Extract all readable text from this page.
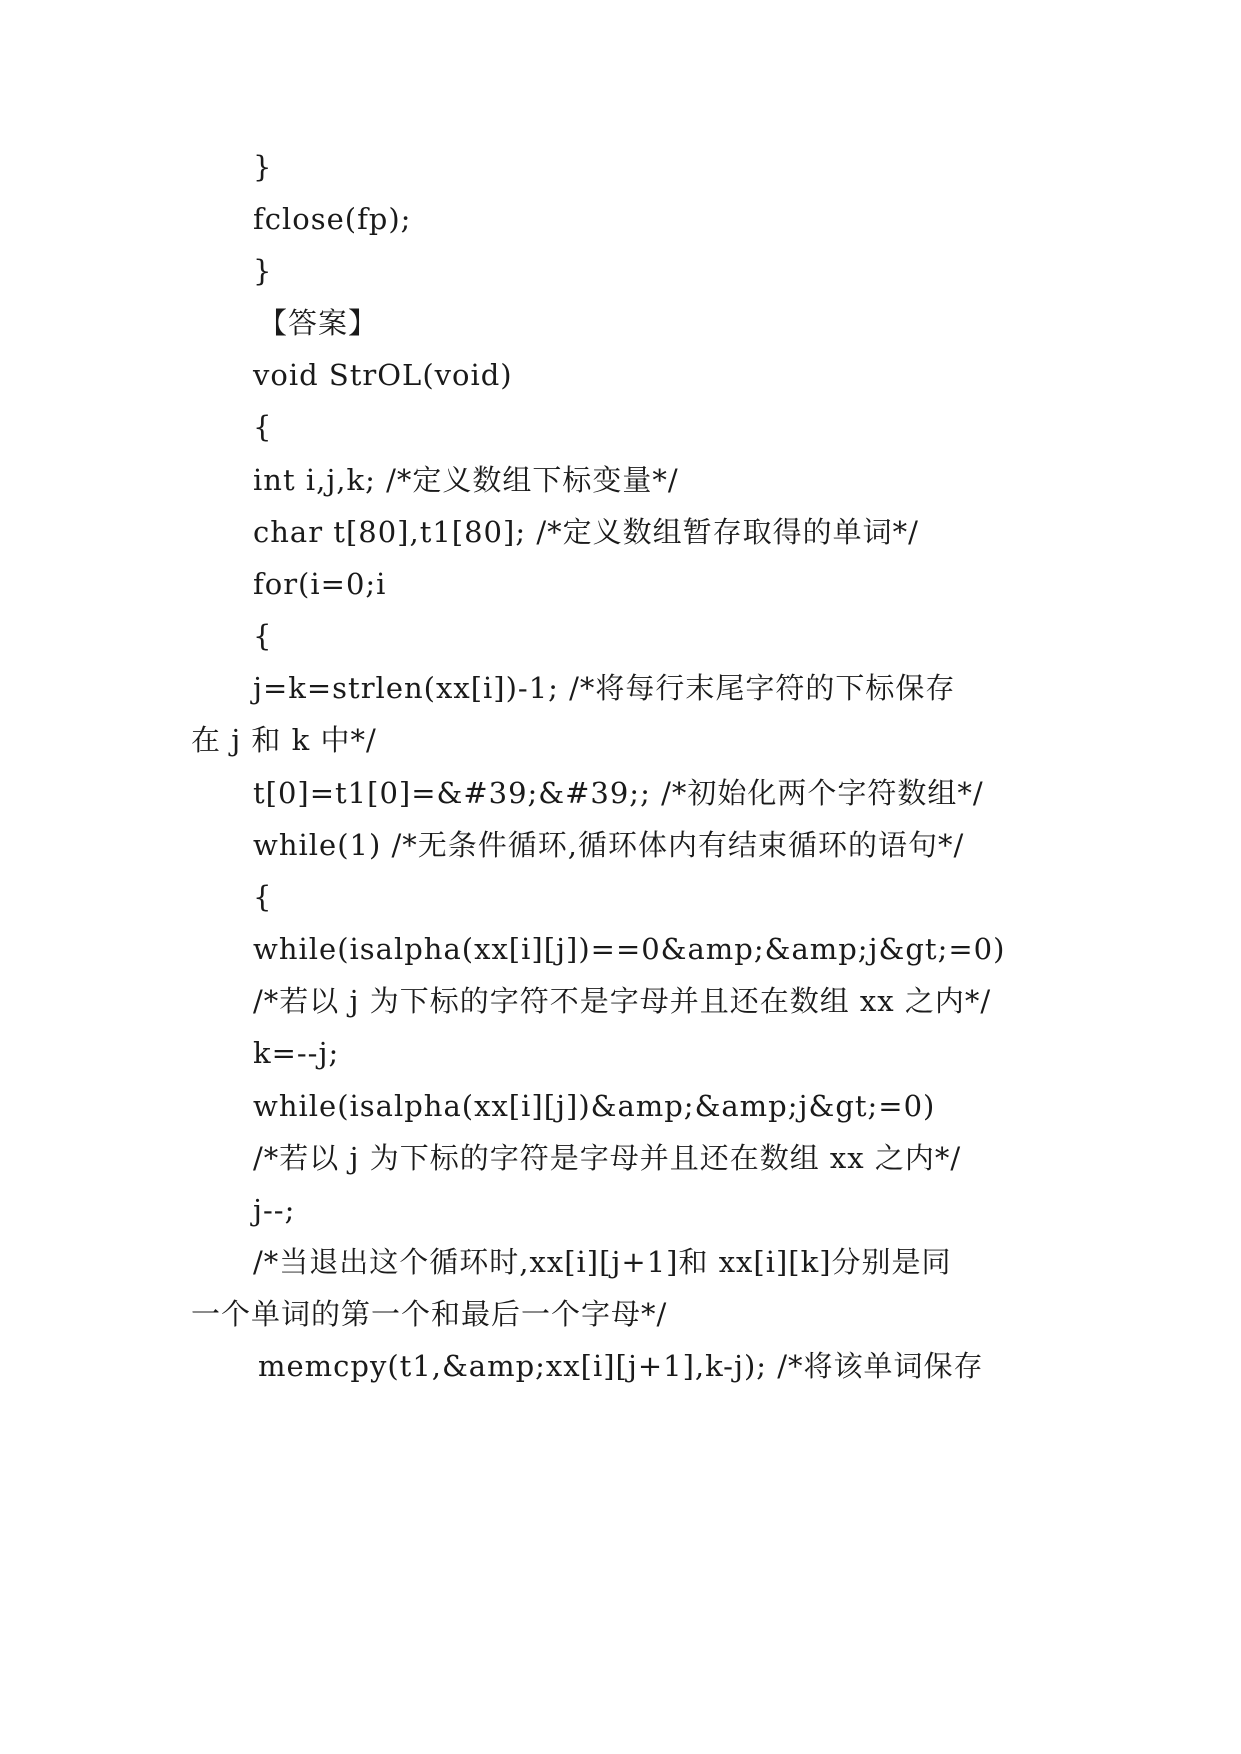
}

fclose(fp);

}

【答案】

void StrOL(void)

{

int i,j,k; /*定义数组下标变量*/

char t[80],t1[80]; /*定义数组暂存取得的单词*/

for(i=0;i

{

j=k=strlen(xx[i])-1; /*将每行末尾字符的下标保存

在 j 和 k 中*/

t[0]=t1[0]=&#39;&#39;; /*初始化两个字符数组*/

while(1) /*无条件循环,循环体内有结束循环的语句*/

{

while(isalpha(xx[i][j])==0&amp;&amp;j&gt;=0)

/*若以 j 为下标的字符不是字母并且还在数组 xx 之内*/

k=--j;

while(isalpha(xx[i][j])&amp;&amp;j&gt;=0)

/*若以 j 为下标的字符是字母并且还在数组 xx 之内*/

j--;

/*当退出这个循环时,xx[i][j+1]和 xx[i][k]分别是同

一个单词的第一个和最后一个字母*/

memcpy(t1,&amp;xx[i][j+1],k-j); /*将该单词保存
